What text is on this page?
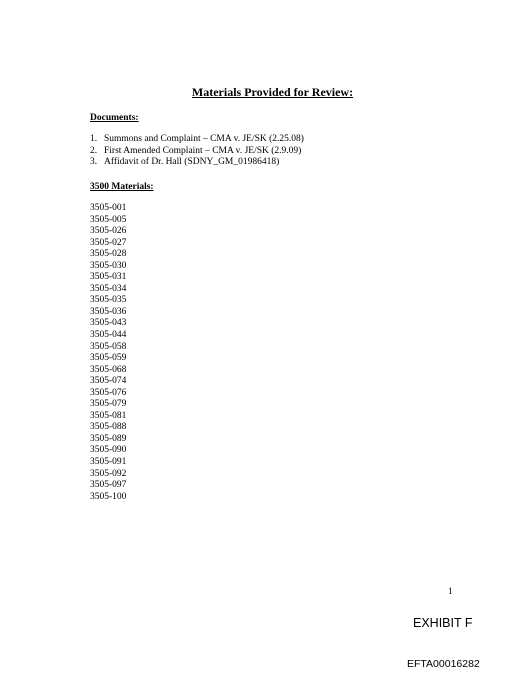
Materials Provided for Review:
Documents:
1. Summons and Complaint – CMA v. JE/SK (2.25.08)
2. First Amended Complaint – CMA v. JE/SK (2.9.09)
3. Affidavit of Dr. Hall (SDNY_GM_01986418)
3500 Materials:
3505-001
3505-005
3505-026
3505-027
3505-028
3505-030
3505-031
3505-034
3505-035
3505-036
3505-043
3505-044
3505-058
3505-059
3505-068
3505-074
3505-076
3505-079
3505-081
3505-088
3505-089
3505-090
3505-091
3505-092
3505-097
3505-100
1
EXHIBIT F
EFTA00016282
